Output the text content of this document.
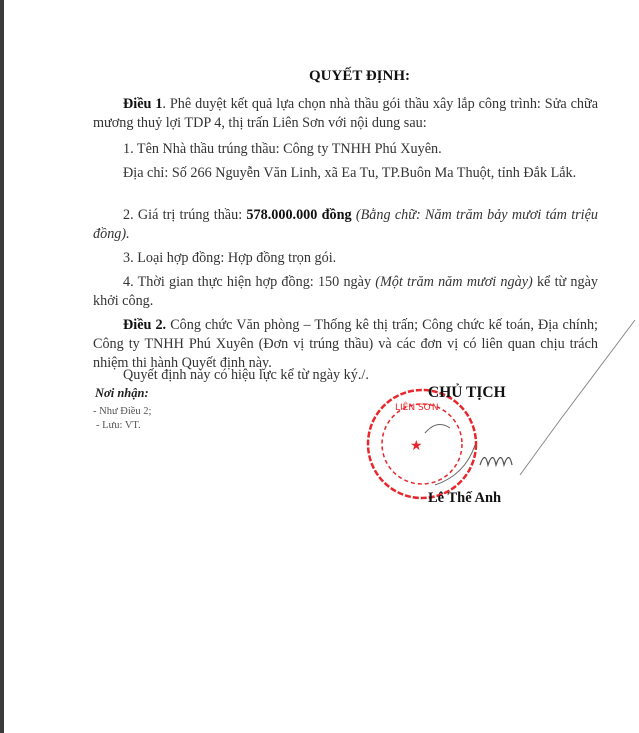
QUYẾT ĐỊNH:
Điều 1. Phê duyệt kết quả lựa chọn nhà thầu gói thầu xây lắp công trình: Sửa chữa mương thuỷ lợi TDP 4, thị trấn Liên Sơn với nội dung sau:
1. Tên Nhà thầu trúng thầu: Công ty TNHH Phú Xuyên.
Địa chỉ: Số 266 Nguyễn Văn Linh, xã Ea Tu, TP.Buôn Ma Thuột, tỉnh Đắk Lắk.
2. Giá trị trúng thầu: 578.000.000 đồng (Bằng chữ: Năm trăm bảy mươi tám triệu đồng).
3. Loại hợp đồng: Hợp đồng trọn gói.
4. Thời gian thực hiện hợp đồng: 150 ngày (Một trăm năm mươi ngày) kể từ ngày khởi công.
Điều 2. Công chức Văn phòng – Thống kê thị trấn; Công chức kế toán, Địa chính; Công ty TNHH Phú Xuyên (Đơn vị trúng thầu) và các đơn vị có liên quan chịu trách nhiệm thi hành Quyết định này.
Quyết định này có hiệu lực kể từ ngày ký./.
Nơi nhận:
- Như Điều 2;
- Lưu: VT.
LIÊN SƠN
★
CHỦ TỊCH
Lê Thế Anh
